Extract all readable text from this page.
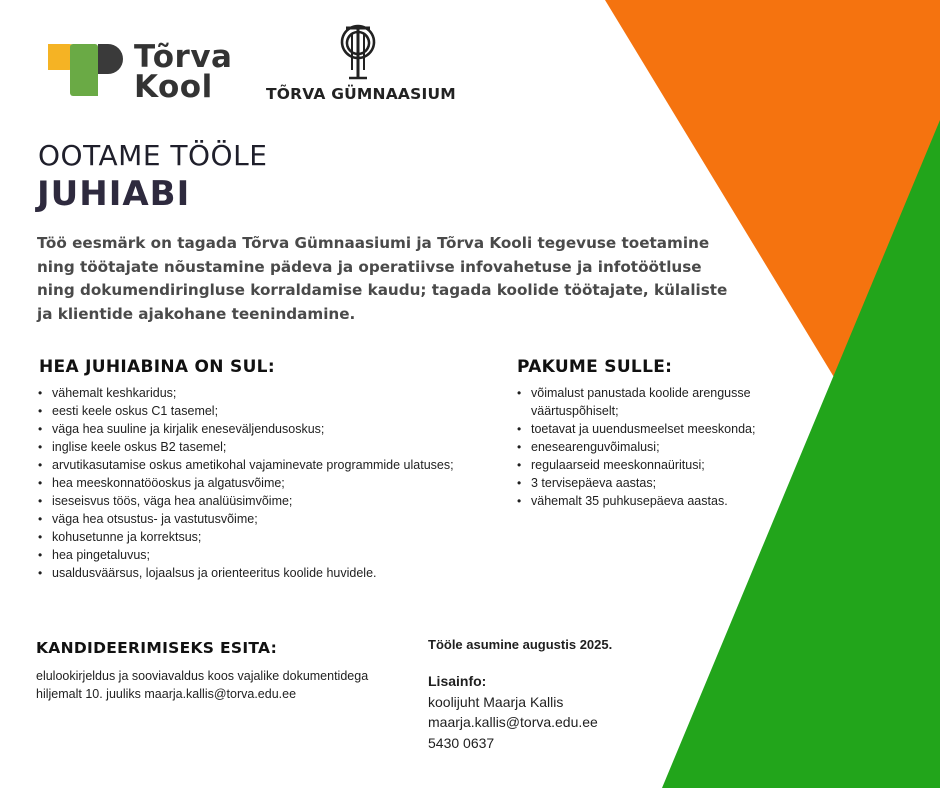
Tõrva
Kool	TÕRVA GÜMNAASIUM
OOTAME TÖÖLE
JUHIABI
Töö eesmärk on tagada Tõrva Gümnaasiumi ja Tõrva Kooli tegevuse toetamine ning töötajate nõustamine pädeva ja operatiivse infovahetuse ja infotöötluse ning dokumendiringluse korraldamise kaudu; tagada koolide töötajate, külaliste ja klientide ajakohane teenindamine.
HEA JUHIABINA ON SUL:
• vähemalt keshkaridus;
• eesti keele oskus C1 tasemel;
• väga hea suuline ja kirjalik eneseväljendusoskus;
• inglise keele oskus B2 tasemel;
• arvutikasutamise oskus ametikohal vajaminevate programmide ulatuses;
• hea meeskonnatööoskus ja algatusvõime;
• iseseisvus töös, väga hea analüüsimvõime;
• väga hea otsustus- ja vastutusvõime;
• kohusetunne ja korrektsus;
• hea pingetaluvus;
• usaldusväärsus, lojaalsus ja orienteeritus koolide huvidele.
PAKUME SULLE:
• võimalust panustada koolide arengusse väärtuspõhiselt;
• toetavat ja uuendusmeelset meeskonda;
• enesearenguvõimalusi;
• regulaarseid meeskonnaüritusi;
• 3 tervisepäeva aastas;
• vähemalt 35 puhkusepäeva aastas.
KANDIDEERIMISEKS ESITA:
elulookirjeldus ja sooviavaldus koos vajalike dokumentidega
hiljemalt 10. juuliks maarja.kallis@torva.edu.ee
Tööle asumine augustis 2025.
Lisainfo:
koolijuht Maarja Kallis
maarja.kallis@torva.edu.ee
5430 0637
